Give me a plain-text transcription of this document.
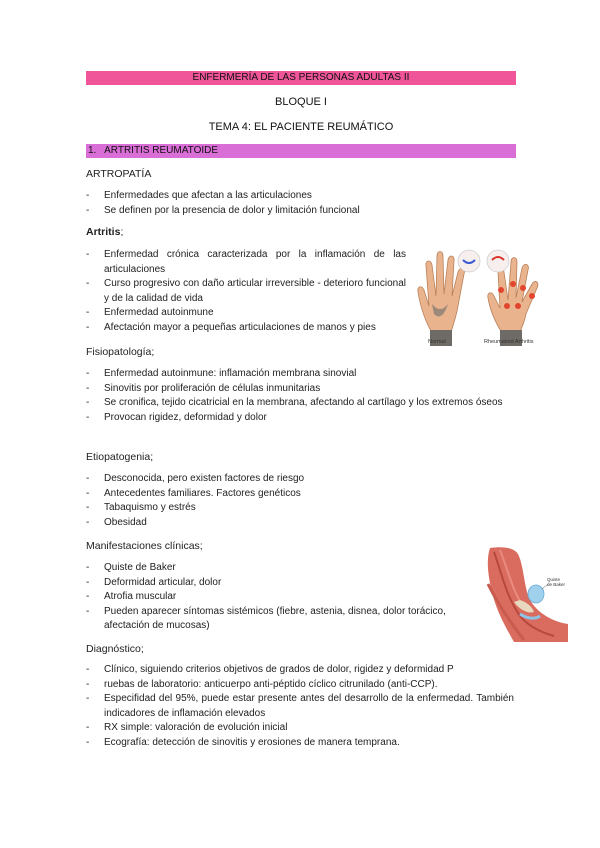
ENFERMERÍA DE LAS PERSONAS ADULTAS II
BLOQUE I
TEMA 4: EL PACIENTE REUMÁTICO
1.   ARTRITIS REUMATOIDE
ARTROPATÍA
- Enfermedades que afectan a las articulaciones
- Se definen por la presencia de dolor y limitación funcional
Artritis;
- Enfermedad crónica caracterizada por la inflamación de las articulaciones
- Curso progresivo con daño articular irreversible - deterioro funcional y de la calidad de vida
- Enfermedad autoinmune
- Afectación mayor a pequeñas articulaciones de manos y pies
Normal	Rheumatoid Arthritis
Fisiopatología;
- Enfermedad autoinmune: inflamación membrana sinovial
- Sinovitis por proliferación de células inmunitarias
- Se cronifica, tejido cicatricial en la membrana, afectando al cartílago y los extremos óseos
- Provocan rigidez, deformidad y dolor
Etiopatogenia;
- Desconocida, pero existen factores de riesgo
- Antecedentes familiares. Factores genéticos
- Tabaquismo y estrés
- Obesidad
Manifestaciones clínicas;
- Quiste de Baker
- Deformidad articular, dolor
- Atrofia muscular
- Pueden aparecer síntomas sistémicos (fiebre, astenia, disnea, dolor torácico, afectación de mucosas)
Quiste
de Baker
Diagnóstico;
- Clínico, siguiendo criterios objetivos de grados de dolor, rigidez y deformidad P
- ruebas de laboratorio: anticuerpo anti-péptido cíclico citrunilado (anti-CCP).
- Especifidad del 95%, puede estar presente antes del desarrollo de la enfermedad. También indicadores de inflamación elevados
- RX simple: valoración de evolución inicial
- Ecografía: detección de sinovitis y erosiones de manera temprana.
